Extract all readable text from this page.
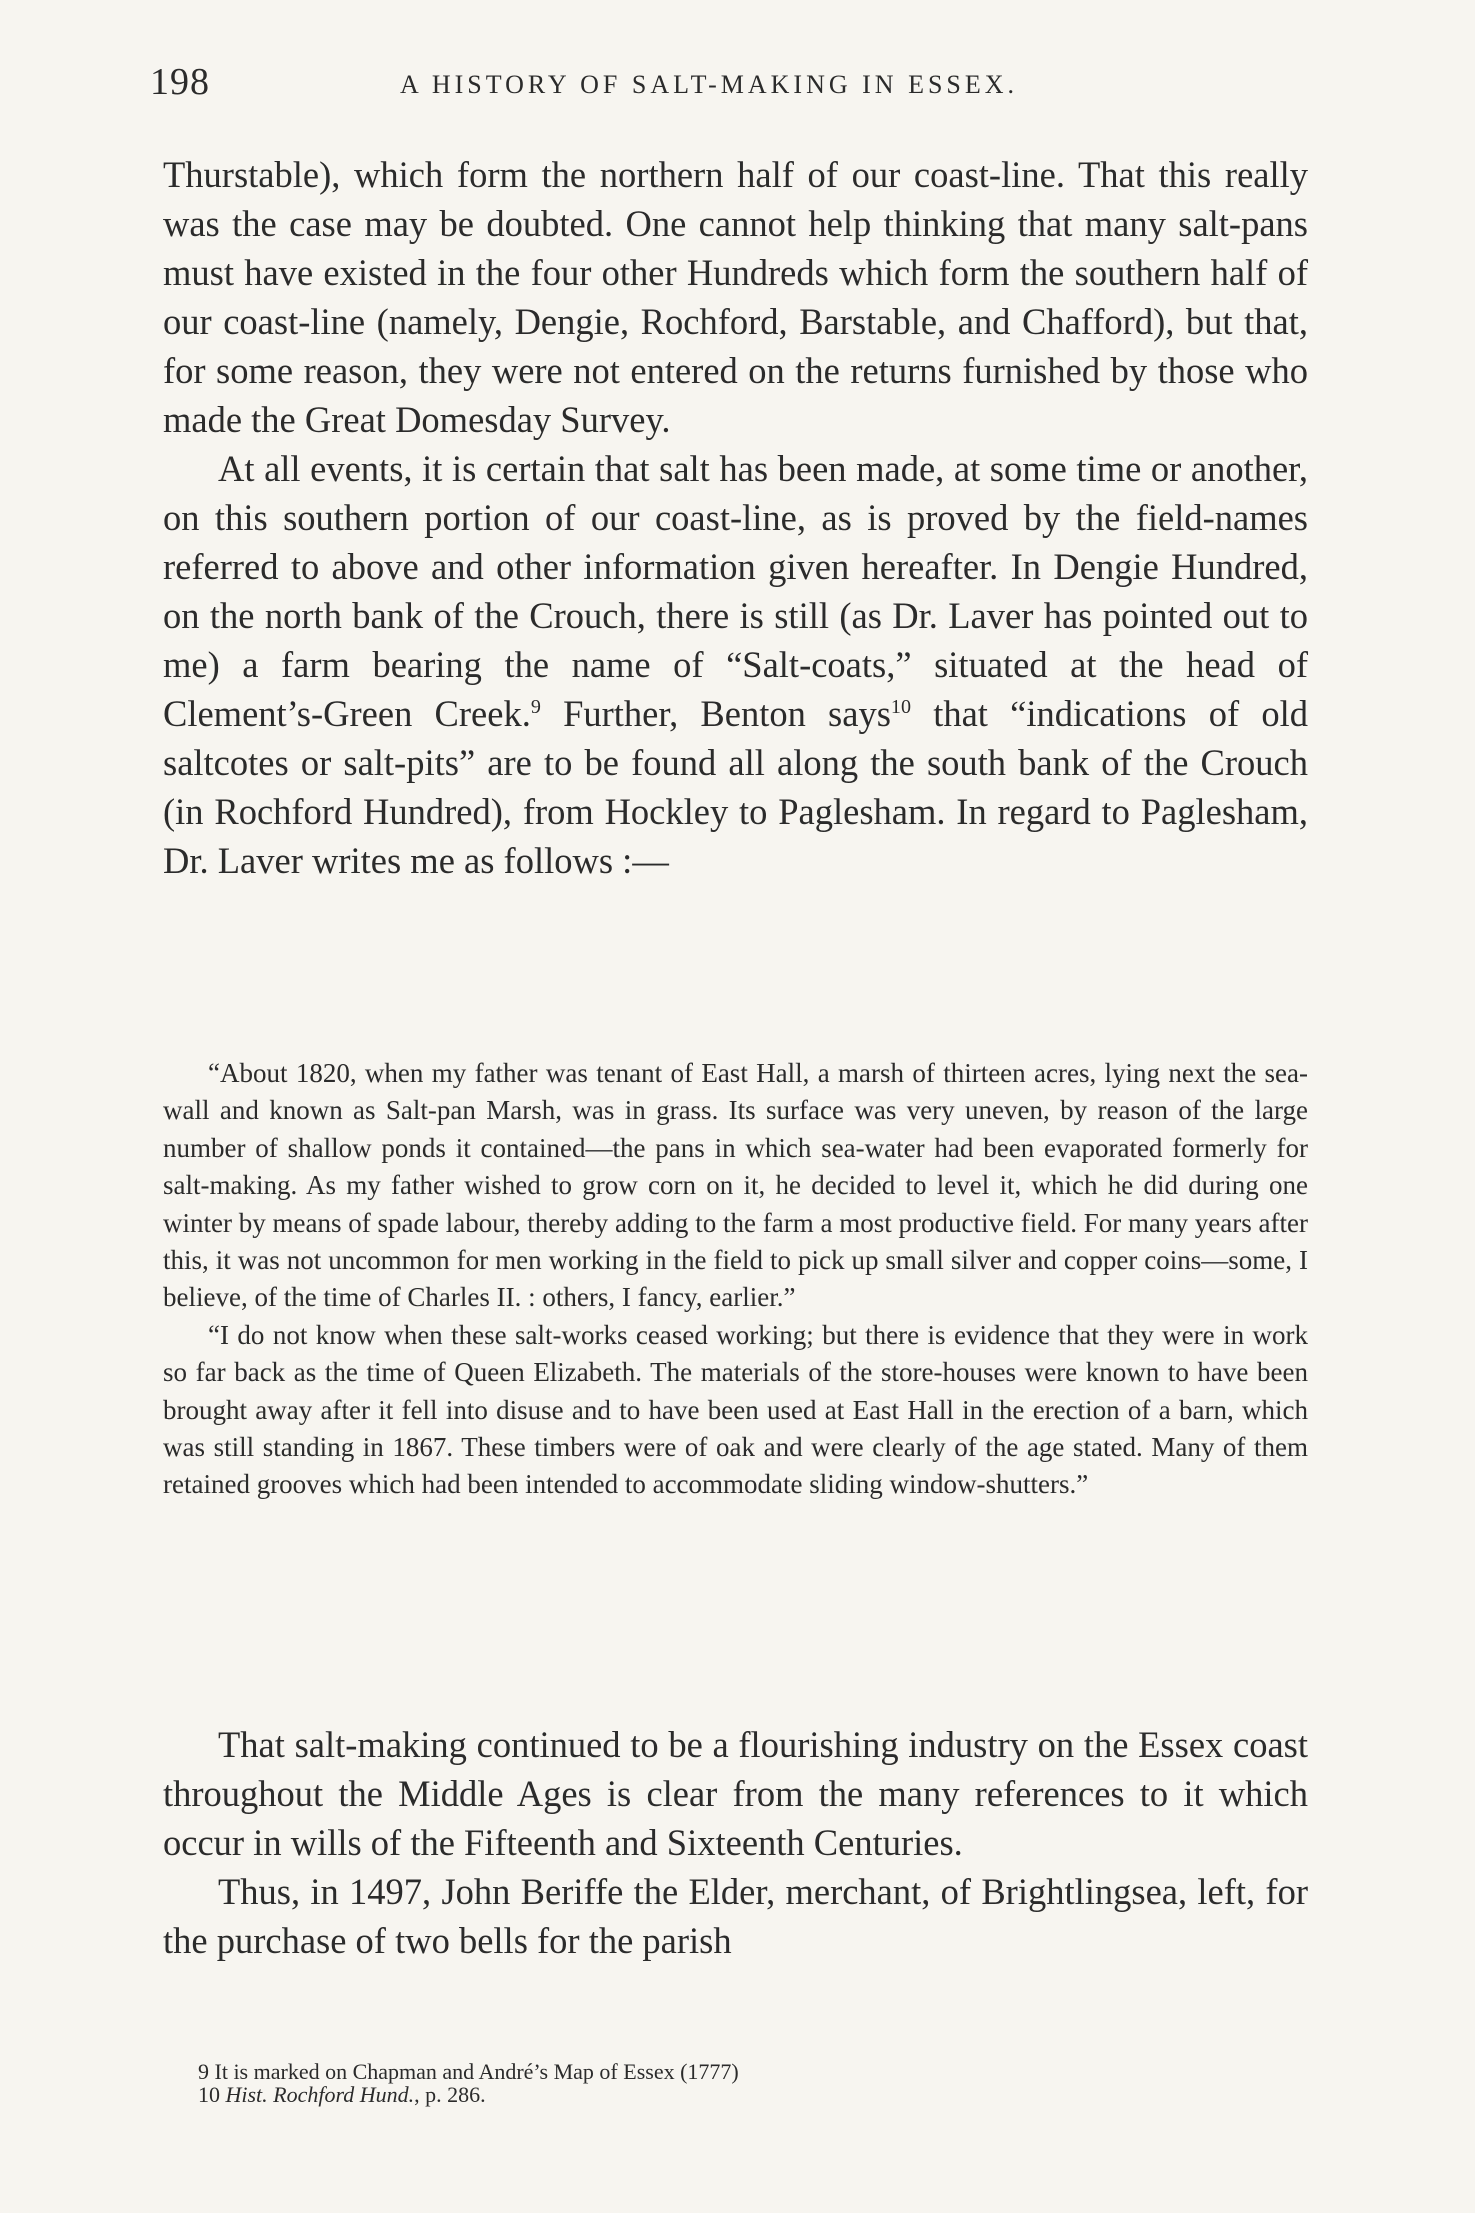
198	A HISTORY OF SALT-MAKING IN ESSEX.

Thurstable), which form the northern half of our coast-line. That this really was the case may be doubted. One cannot help thinking that many salt-pans must have existed in the four other Hundreds which form the southern half of our coast-line (namely, Dengie, Rochford, Barstable, and Chafford), but that, for some reason, they were not entered on the returns furnished by those who made the Great Domesday Survey.

At all events, it is certain that salt has been made, at some time or another, on this southern portion of our coast-line, as is proved by the field-names referred to above and other information given hereafter. In Dengie Hundred, on the north bank of the Crouch, there is still (as Dr. Laver has pointed out to me) a farm bearing the name of “Salt-coats,” situated at the head of Clement’s-Green Creek.$^9$ Further, Benton says$^{10}$ that “indications of old saltcotes or salt-pits” are to be found all along the south bank of the Crouch (in Rochford Hundred), from Hockley to Paglesham. In regard to Paglesham, Dr. Laver writes me as follows :—

“About 1820, when my father was tenant of East Hall, a marsh of thirteen acres, lying next the sea-wall and known as Salt-pan Marsh, was in grass. Its surface was very uneven, by reason of the large number of shallow ponds it contained—the pans in which sea-water had been evaporated formerly for salt-making. As my father wished to grow corn on it, he decided to level it, which he did during one winter by means of spade labour, thereby adding to the farm a most productive field. For many years after this, it was not uncommon for men working in the field to pick up small silver and copper coins—some, I believe, of the time of Charles II. : others, I fancy, earlier.”

“I do not know when these salt-works ceased working; but there is evidence that they were in work so far back as the time of Queen Elizabeth. The materials of the store-houses were known to have been brought away after it fell into disuse and to have been used at East Hall in the erection of a barn, which was still standing in 1867. These timbers were of oak and were clearly of the age stated. Many of them retained grooves which had been intended to accommodate sliding window-shutters.”

That salt-making continued to be a flourishing industry on the Essex coast throughout the Middle Ages is clear from the many references to it which occur in wills of the Fifteenth and Sixteenth Centuries.

Thus, in 1497, John Beriffe the Elder, merchant, of Brightlingsea, left, for the purchase of two bells for the parish

9 It is marked on Chapman and André’s Map of Essex (1777)

10 Hist. Rochford Hund., p. 286.
